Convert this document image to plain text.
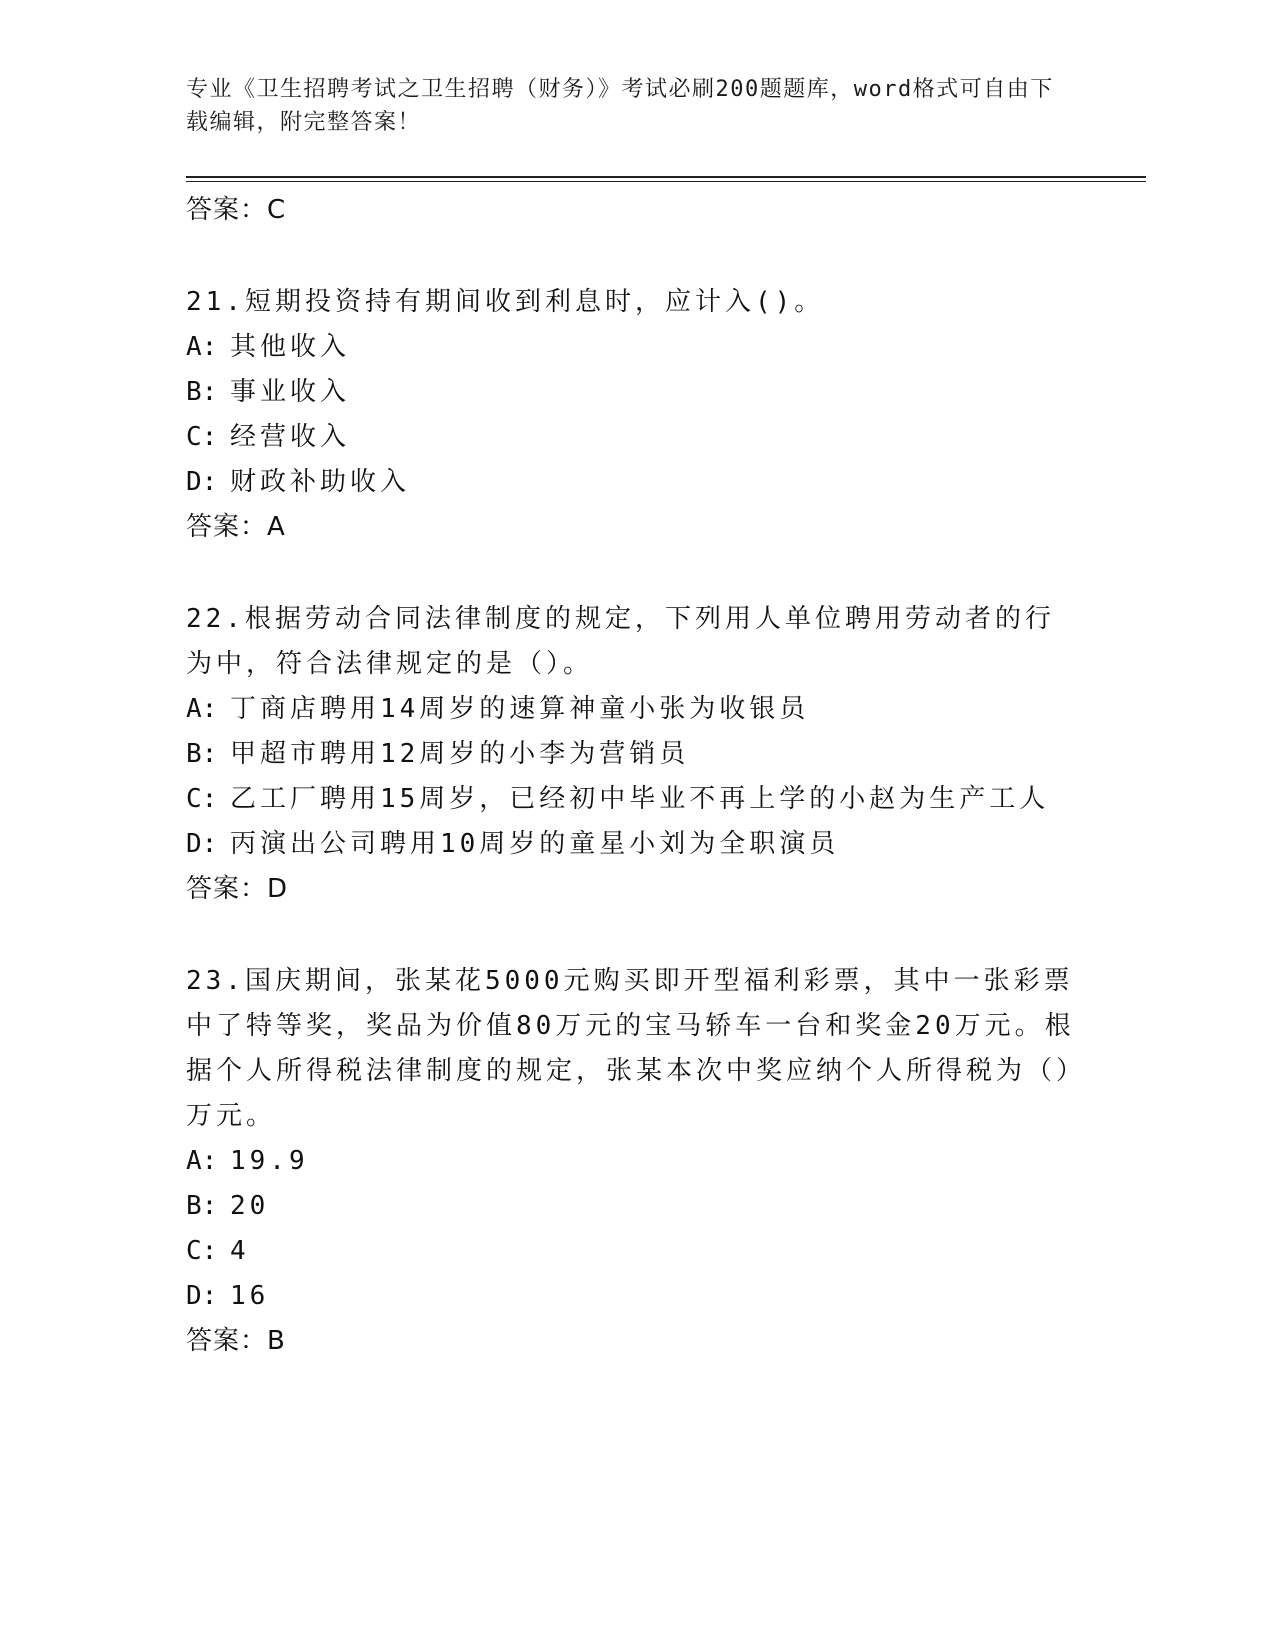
专业《卫生招聘考试之卫生招聘（财务）》考试必刷200题题库，word格式可自由下载编辑，附完整答案！
答案：C
21.短期投资持有期间收到利息时，应计入()。
A: 其他收入
B: 事业收入
C: 经营收入
D: 财政补助收入
答案：A
22.根据劳动合同法律制度的规定，下列用人单位聘用劳动者的行为中，符合法律规定的是（）。
A: 丁商店聘用14周岁的速算神童小张为收银员
B: 甲超市聘用12周岁的小李为营销员
C: 乙工厂聘用15周岁，已经初中毕业不再上学的小赵为生产工人
D: 丙演出公司聘用10周岁的童星小刘为全职演员
答案：D
23.国庆期间，张某花5000元购买即开型福利彩票，其中一张彩票中了特等奖，奖品为价值80万元的宝马轿车一台和奖金20万元。根据个人所得税法律制度的规定，张某本次中奖应纳个人所得税为（）万元。
A: 19.9
B: 20
C: 4
D: 16
答案：B
